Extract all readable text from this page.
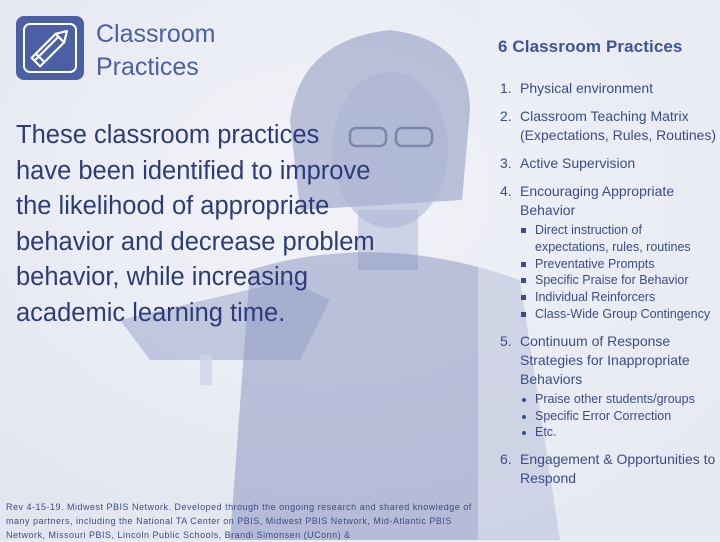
Classroom
Practices
These classroom practices have been identified to improve the likelihood of appropriate behavior and decrease problem behavior, while increasing academic learning time.
6 Classroom Practices
1. Physical environment
2. Classroom Teaching Matrix (Expectations, Rules, Routines)
3. Active Supervision
4. Encouraging Appropriate Behavior
Direct instruction of expectations, rules, routines
Preventative Prompts
Specific Praise for Behavior
Individual Reinforcers
Class-Wide Group Contingency
5. Continuum of Response Strategies for Inappropriate Behaviors
Praise other students/groups
Specific Error Correction
Etc.
6. Engagement & Opportunities to Respond
Rev 4-15-19. Midwest PBIS Network. Developed through the ongoing research and shared knowledge of many partners, including the National TA Center on PBIS, Midwest PBIS Network, Mid-Atlantic PBIS Network, Missouri PBIS, Lincoln Public Schools, Brandi Simonsen (UConn) &
